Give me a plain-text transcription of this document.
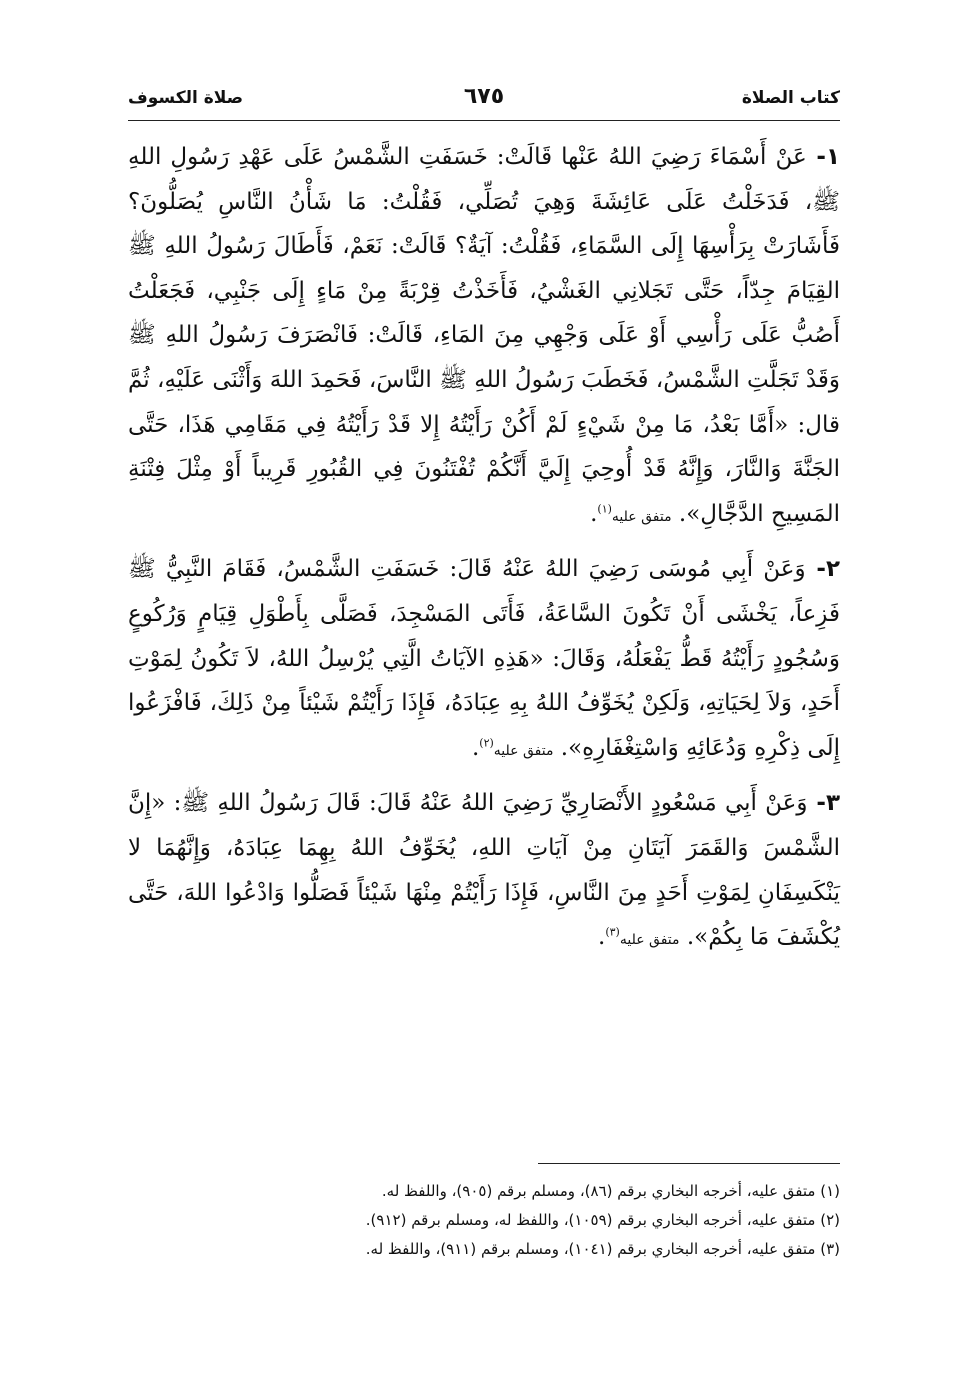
كتاب الصلاة
٦٧٥
صلاة الكسوف

١- عَنْ أَسْمَاءَ رَضِيَ اللهُ عَنْها قَالَتْ: خَسَفَتِ الشَّمْسُ عَلَى عَهْدِ رَسُولِ اللهِ ﷺ، فَدَخَلْتُ عَلَى عَائِشَةَ وَهِيَ تُصَلِّي، فَقُلْتُ: مَا شَأْنُ النَّاسِ يُصَلُّونَ؟ فَأَشَارَتْ بِرَأْسِهَا إِلَى السَّمَاءِ، فَقُلْتُ: آيَةٌ؟ قَالَتْ: نَعَمْ، فَأَطَالَ رَسُولُ اللهِ ﷺ القِيَامَ جِدّاً، حَتَّى تَجَلانِي الغَشْيُ، فَأَخَذْتُ قِرْبَةً مِنْ مَاءٍ إِلَى جَنْبِي، فَجَعَلْتُ أَصُبُّ عَلَى رَأْسِي أَوْ عَلَى وَجْهِي مِنَ المَاءِ، قَالَتْ: فَانْصَرَفَ رَسُولُ اللهِ ﷺ وَقَدْ تَجَلَّتِ الشَّمْسُ، فَخَطَبَ رَسُولُ اللهِ ﷺ النَّاسَ، فَحَمِدَ اللهَ وَأَثْنَى عَلَيْهِ، ثُمَّ قال: «أَمَّا بَعْدُ، مَا مِنْ شَيْءٍ لَمْ أَكُنْ رَأَيْتُهُ إِلا قَدْ رَأَيْتُهُ فِي مَقَامِي هَذَا، حَتَّى الجَنَّةَ وَالنَّارَ، وَإِنَّهُ قَدْ أُوحِيَ إِلَيَّ أَنَّكُمْ تُفْتَنُونَ فِي القُبُورِ قَرِيباً أَوْ مِثْلَ فِتْنَةِ المَسِيحِ الدَّجَّالِ». متفق عليه$^{(١)}$.

٢- وَعَنْ أَبِي مُوسَى رَضِيَ اللهُ عَنْهُ قَالَ: خَسَفَتِ الشَّمْسُ، فَقَامَ النَّبِيُّ ﷺ فَزِعاً، يَخْشَى أَنْ تَكُونَ السَّاعَةُ، فَأَتَى المَسْجِدَ، فَصَلَّى بِأَطْوَلِ قِيَامٍ وَرُكُوعٍ وَسُجُودٍ رَأَيْتُهُ قَطُّ يَفْعَلُهُ، وَقَالَ: «هَذِهِ الآيَاتُ الَّتِي يُرْسِلُ اللهُ، لاَ تَكُونُ لِمَوْتِ أَحَدٍ، وَلاَ لِحَيَاتِهِ، وَلَكِنْ يُخَوِّفُ اللهُ بِهِ عِبَادَهُ، فَإِذَا رَأَيْتُمْ شَيْئاً مِنْ ذَلِكَ، فَافْزَعُوا إِلَى ذِكْرِهِ وَدُعَائِهِ وَاسْتِغْفَارِهِ». متفق عليه$^{(٢)}$.

٣- وَعَنْ أَبِي مَسْعُودٍ الأَنْصَارِيِّ رَضِيَ اللهُ عَنْهُ قَالَ: قَالَ رَسُولُ اللهِ ﷺ: «إِنَّ الشَّمْسَ وَالقَمَرَ آيَتَانِ مِنْ آيَاتِ اللهِ، يُخَوِّفُ اللهُ بِهِمَا عِبَادَهُ، وَإِنَّهُمَا لا يَنْكَسِفَانِ لِمَوْتِ أَحَدٍ مِنَ النَّاسِ، فَإِذَا رَأَيْتُمْ مِنْهَا شَيْئاً فَصَلُّوا وَادْعُوا اللهَ، حَتَّى يُكْشَفَ مَا بِكُمْ». متفق عليه$^{(٣)}$.

(١) متفق عليه، أخرجه البخاري برقم (٨٦)، ومسلم برقم (٩٠٥)، واللفظ له.
(٢) متفق عليه، أخرجه البخاري برقم (١٠٥٩)، واللفظ له، ومسلم برقم (٩١٢).
(٣) متفق عليه، أخرجه البخاري برقم (١٠٤١)، ومسلم برقم (٩١١)، واللفظ له.
